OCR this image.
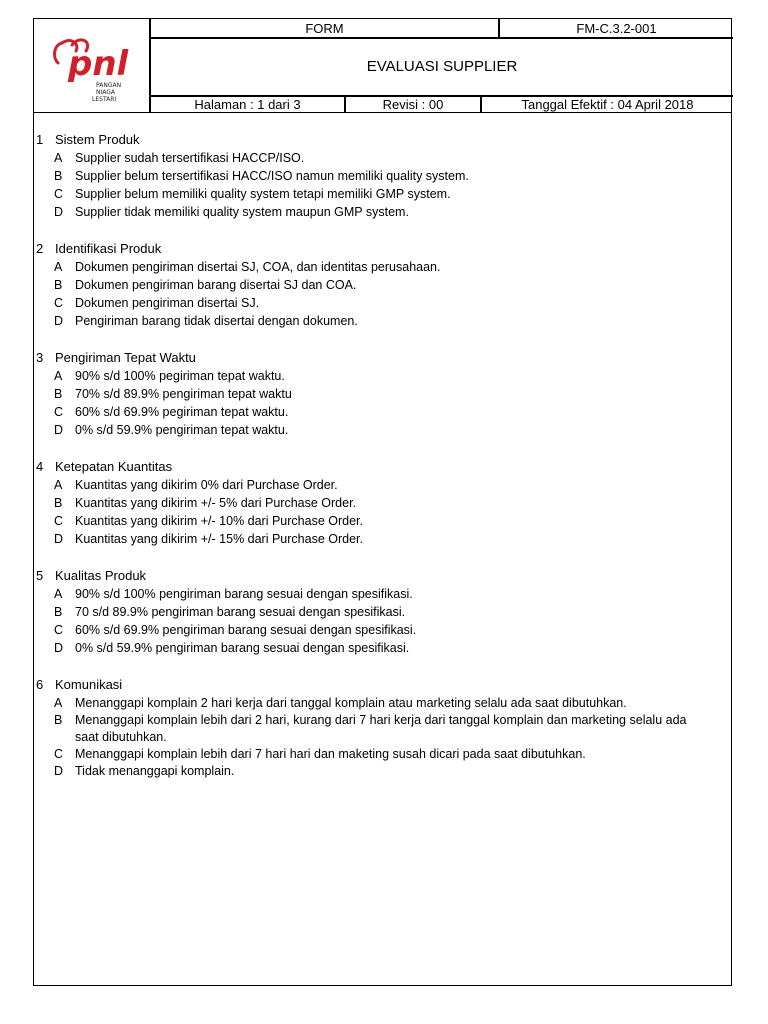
pnl
PANGAN
NIAGA
LESTARI
FORM	FM-C.3.2-001
EVALUASI SUPPLIER
Halaman : 1 dari 3	Revisi : 00	Tanggal Efektif : 04 April 2018
1 Sistem Produk
A Supplier sudah tersertifikasi HACCP/ISO.
B Supplier belum tersertifikasi HACC/ISO namun memiliki quality system.
C Supplier belum memiliki quality system tetapi memiliki GMP system.
D Supplier tidak memiliki quality system maupun GMP system.
2 Identifikasi Produk
A Dokumen pengiriman disertai SJ, COA, dan identitas perusahaan.
B Dokumen pengiriman barang disertai SJ dan COA.
C Dokumen pengiriman disertai SJ.
D Pengiriman barang tidak disertai dengan dokumen.
3 Pengiriman Tepat Waktu
A 90% s/d 100% pegiriman tepat waktu.
B 70% s/d 89.9% pengiriman tepat waktu
C 60% s/d 69.9% pegiriman tepat waktu.
D 0% s/d 59.9% pengiriman tepat waktu.
4 Ketepatan Kuantitas
A Kuantitas yang dikirim 0% dari Purchase Order.
B Kuantitas yang dikirim +/- 5% dari Purchase Order.
C Kuantitas yang dikirim +/- 10% dari Purchase Order.
D Kuantitas yang dikirim +/- 15% dari Purchase Order.
5 Kualitas Produk
A 90% s/d 100% pengiriman barang sesuai dengan spesifikasi.
B 70 s/d 89.9% pengiriman barang sesuai dengan spesifikasi.
C 60% s/d 69.9% pengiriman barang sesuai dengan spesifikasi.
D 0% s/d 59.9% pengiriman barang sesuai dengan spesifikasi.
6 Komunikasi
A Menanggapi komplain 2 hari kerja dari tanggal komplain atau marketing selalu ada saat dibutuhkan.
B Menanggapi komplain lebih dari 2 hari, kurang dari 7 hari kerja dari tanggal komplain dan marketing selalu ada saat dibutuhkan.
C Menanggapi komplain lebih dari 7 hari hari dan maketing susah dicari pada saat dibutuhkan.
D Tidak menanggapi komplain.
